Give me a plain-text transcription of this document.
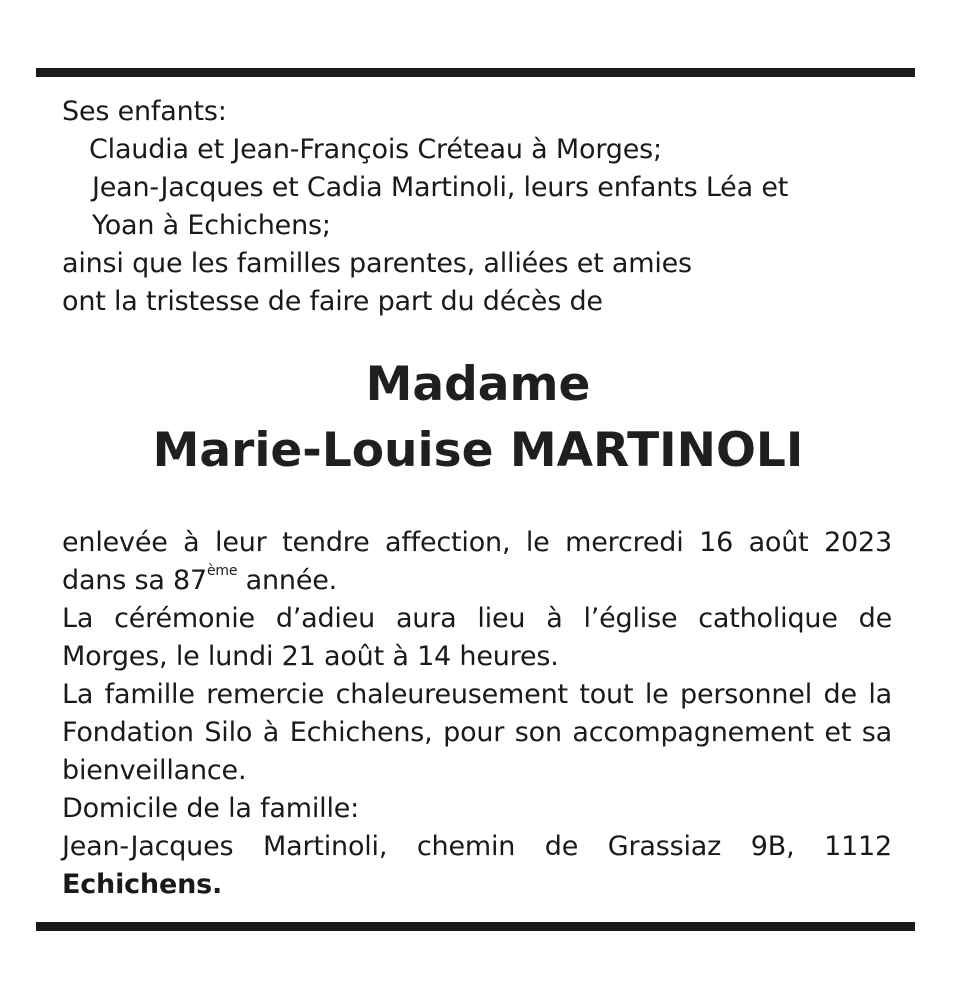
Ses enfants:
Claudia et Jean-François Créteau à Morges;
Jean-Jacques et Cadia Martinoli, leurs enfants Léa et
Yoan à Echichens;
ainsi que les familles parentes, alliées et amies
ont la tristesse de faire part du décès de
Madame
Marie-Louise MARTINOLI

enlevée à leur tendre affection, le mercredi 16 août 2023 dans sa 87ème année.

La cérémonie d’adieu aura lieu à l’église catholique de Morges, le lundi 21 août à 14 heures.

La famille remercie chaleureusement tout le personnel de la Fondation Silo à Echichens, pour son accompagnement et sa bienveillance.

Domicile de la famille:

Jean-Jacques Martinoli, chemin de Grassiaz 9B, 1112

Echichens.
